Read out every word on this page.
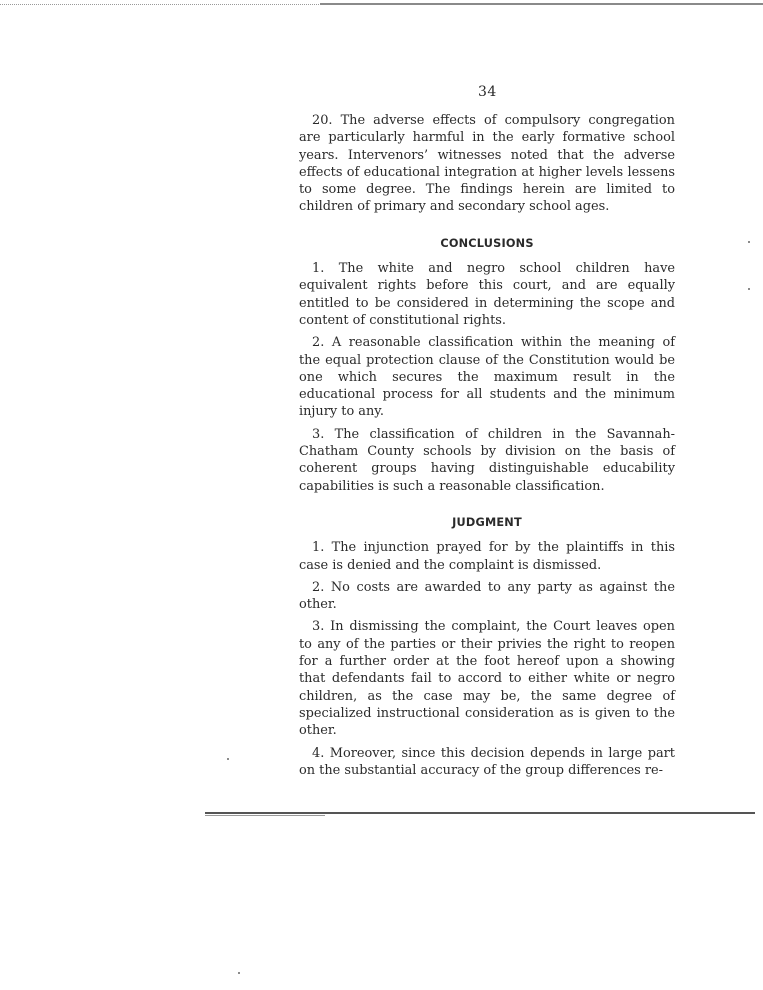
34

20. The adverse effects of compulsory congregation are particularly harmful in the early formative school years. Intervenors’ witnesses noted that the adverse effects of educational integration at higher levels lessens to some degree. The findings herein are limited to children of primary and secondary school ages.

CONCLUSIONS

1. The white and negro school children have equivalent rights before this court, and are equally entitled to be considered in determining the scope and content of constitutional rights.

2. A reasonable classification within the meaning of the equal protection clause of the Constitution would be one which secures the maximum result in the educational process for all students and the minimum injury to any.

3. The classification of children in the Savannah-Chatham County schools by division on the basis of coherent groups having distinguishable educability capabilities is such a reasonable classification.

JUDGMENT

1. The injunction prayed for by the plaintiffs in this case is denied and the complaint is dismissed.

2. No costs are awarded to any party as against the other.

3. In dismissing the complaint, the Court leaves open to any of the parties or their privies the right to reopen for a further order at the foot hereof upon a showing that defendants fail to accord to either white or negro children, as the case may be, the same degree of specialized instructional consideration as is given to the other.

4. Moreover, since this decision depends in large part on the substantial accuracy of the group differences re-
